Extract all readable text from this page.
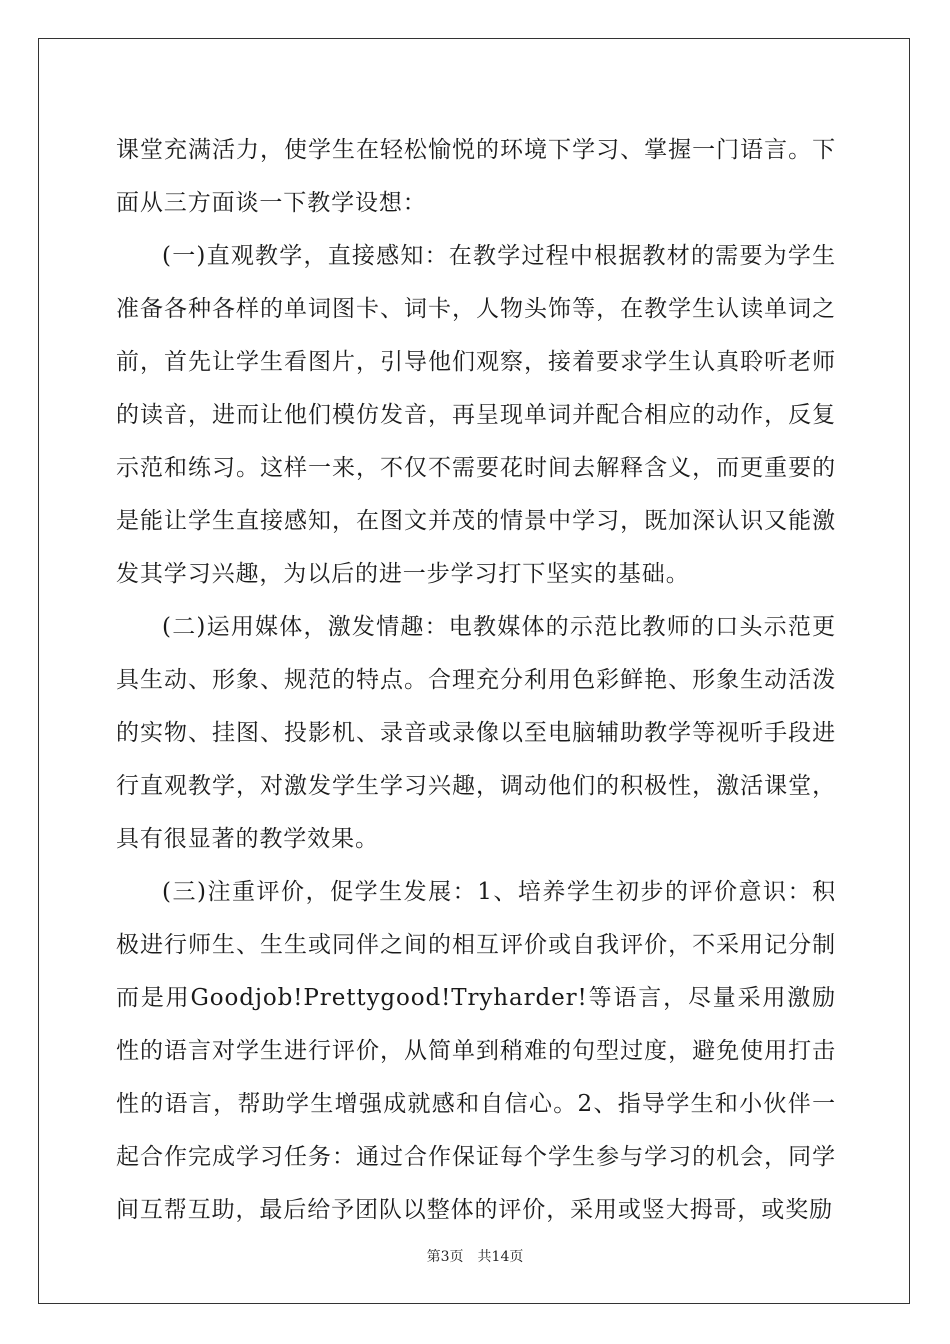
课堂充满活力，使学生在轻松愉悦的环境下学习、掌握一门语言。下面从三方面谈一下教学设想：

(一)直观教学，直接感知：在教学过程中根据教材的需要为学生准备各种各样的单词图卡、词卡，人物头饰等，在教学生认读单词之前，首先让学生看图片，引导他们观察，接着要求学生认真聆听老师的读音，进而让他们模仿发音，再呈现单词并配合相应的动作，反复示范和练习。这样一来，不仅不需要花时间去解释含义，而更重要的是能让学生直接感知，在图文并茂的情景中学习，既加深认识又能激发其学习兴趣，为以后的进一步学习打下坚实的基础。

(二)运用媒体，激发情趣：电教媒体的示范比教师的口头示范更具生动、形象、规范的特点。合理充分利用色彩鲜艳、形象生动活泼的实物、挂图、投影机、录音或录像以至电脑辅助教学等视听手段进行直观教学，对激发学生学习兴趣，调动他们的积极性，激活课堂，具有很显著的教学效果。

(三)注重评价，促学生发展：1、培养学生初步的评价意识：积极进行师生、生生或同伴之间的相互评价或自我评价，不采用记分制而是用Goodjob!Prettygood!Tryharder!等语言，尽量采用激励性的语言对学生进行评价，从简单到稍难的句型过度，避免使用打击性的语言，帮助学生增强成就感和自信心。2、指导学生和小伙伴一起合作完成学习任务：通过合作保证每个学生参与学习的机会，同学间互帮互助，最后给予团队以整体的评价，采用或竖大拇哥，或奖励

第3页 共14页
